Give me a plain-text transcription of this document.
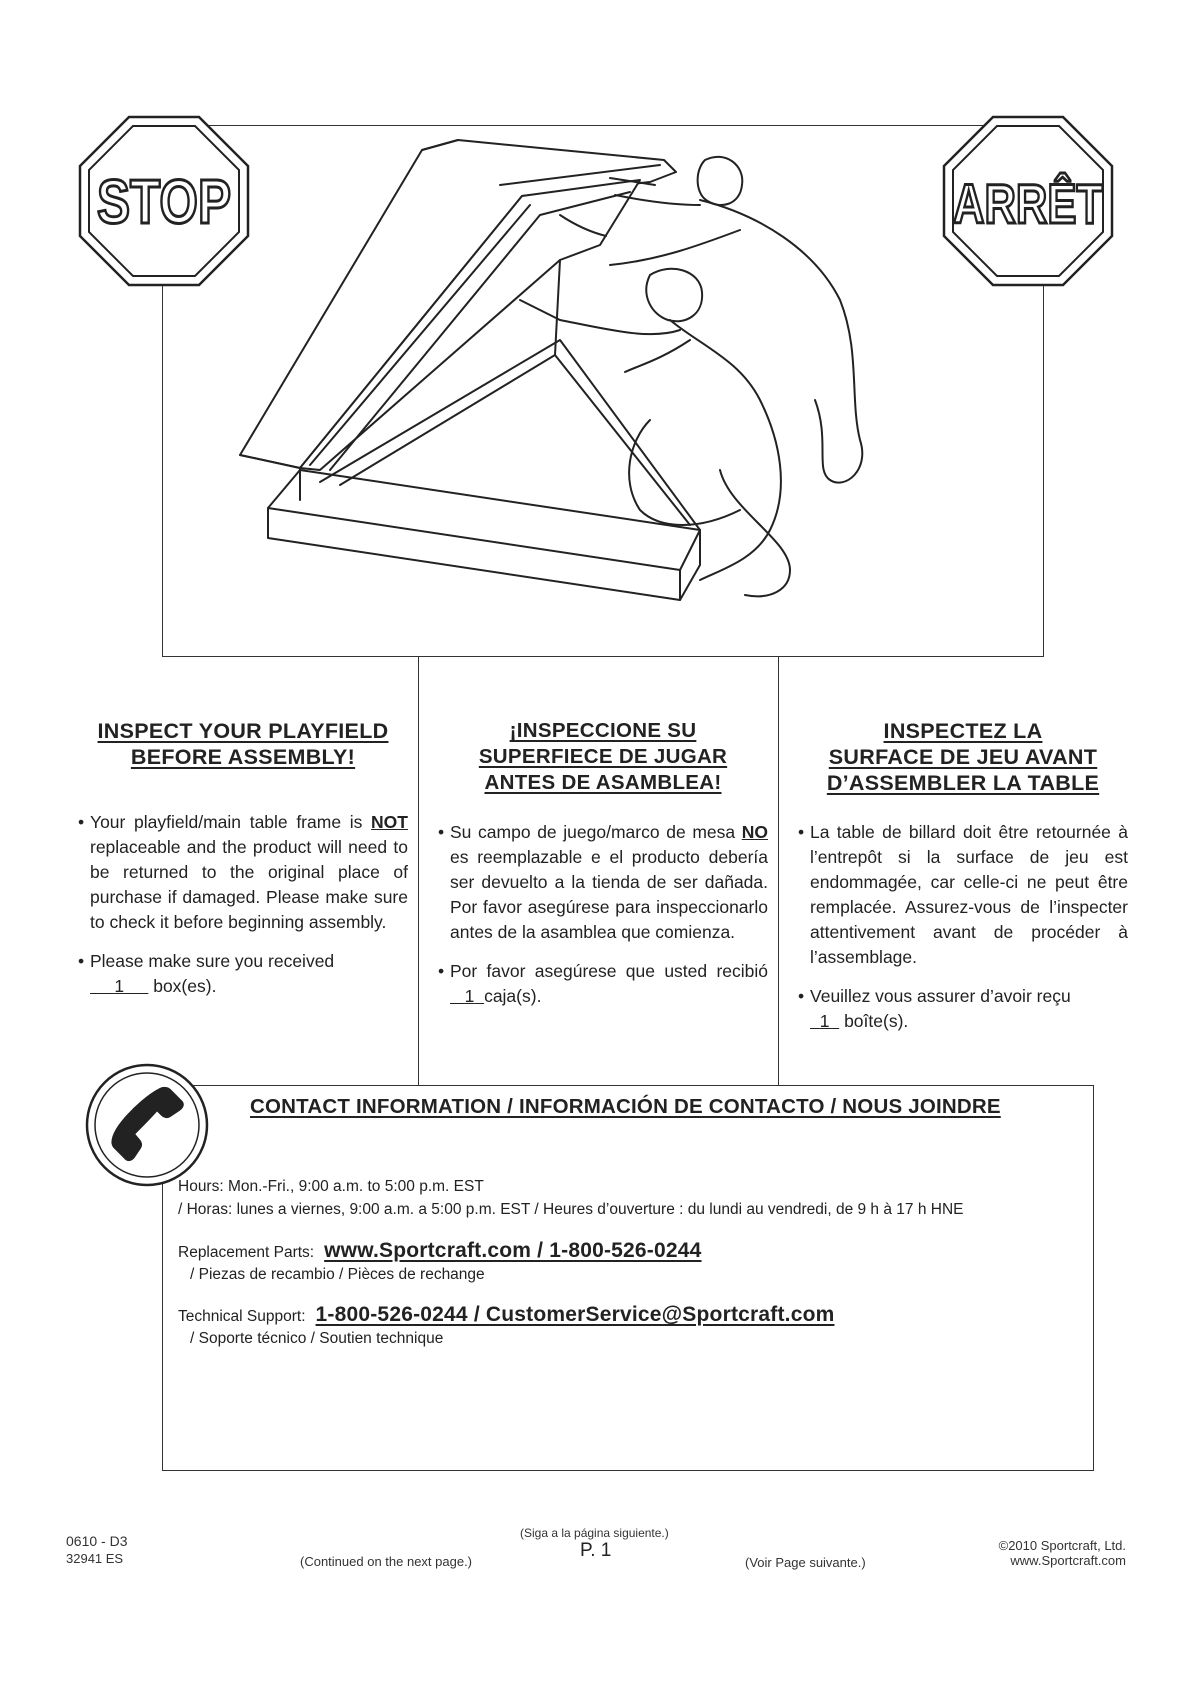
STOP	ARRÊT
INSPECT YOUR PLAYFIELD
BEFORE ASSEMBLY!
• Your playfield/main table frame is NOT replaceable and the product will need to be returned to the original place of purchase if damaged. Please make sure to check it before beginning assembly.
• Please make sure you received
1      box(es).
¡INSPECCIONE SU
SUPERFIECE DE JUGAR
ANTES DE ASAMBLEA!
• Su campo de juego/marco de mesa NO es reemplazable e el producto debería ser devuelto a la tienda de ser dañada. Por favor asegúrese para inspeccionarlo antes de la asamblea que comienza.
• Por favor asegúrese que usted recibió    1 caja(s).
INSPECTEZ LA
SURFACE DE JEU AVANT
D’ASSEMBLER LA TABLE
• La table de billard doit être retournée à l’entrepôt si la surface de jeu est endommagée, car celle-ci ne peut être remplacée. Assurez-vous de l’inspecter attentivement avant de procéder à l’assemblage.
• Veuillez vous assurer d’avoir reçu
1   boîte(s).
CONTACT INFORMATION / INFORMACIÓN DE CONTACTO / NOUS JOINDRE
Hours: Mon.-Fri., 9:00 a.m. to 5:00 p.m. EST
/ Horas: lunes a viernes, 9:00 a.m. a 5:00 p.m. EST / Heures d’ouverture : du lundi au vendredi, de 9 h à 17 h HNE
Replacement Parts: www.Sportcraft.com / 1-800-526-0244
/ Piezas de recambio / Pièces de rechange
Technical Support: 1-800-526-0244 / CustomerService@Sportcraft.com
/ Soporte técnico / Soutien technique
0610 - D3
32941 ES	(Continued on the next page.)
(Siga a la página siguiente.)
P. 1
(Voir Page suivante.)
©2010 Sportcraft, Ltd.
www.Sportcraft.com
